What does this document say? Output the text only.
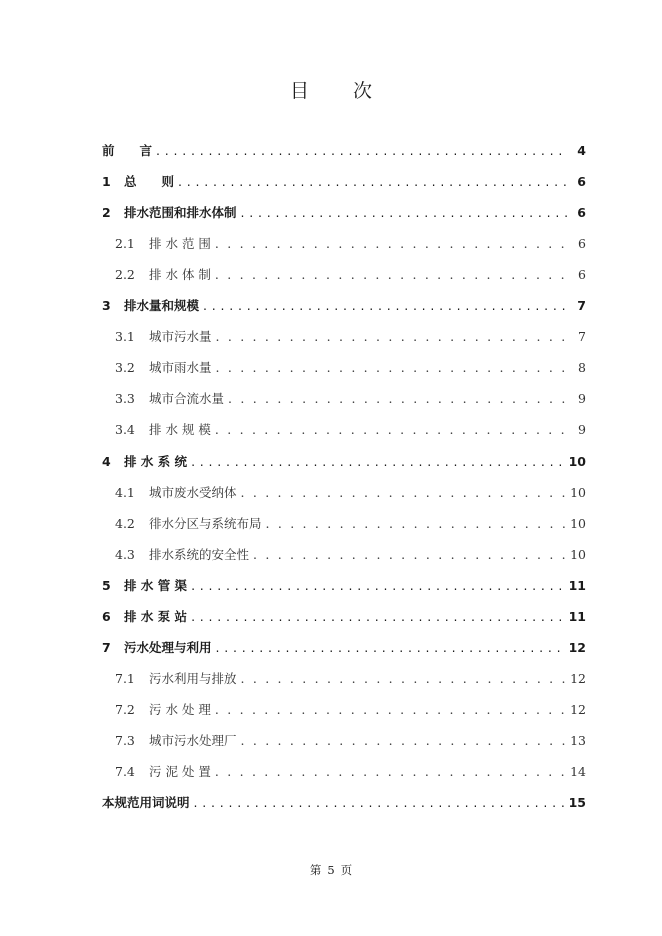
目 次
前　　言 . . .	4
1	总　　则 . . .	6
2	排水范围和排水体制 . . .	6
2.1	排 水 范 围 . . .	6
2.2	排 水 体 制 . . .	6
3	排水量和规模 . . .	7
3.1	城市污水量 . . .	7
3.2	城市雨水量 . . .	8
3.3	城市合流水量 . . .	9
3.4	排 水 规 模 . . .	9
4	排 水 系 统 . . .	10
4.1	城市废水受纳体 . . .	10
4.2	徘水分区与系统布局 . . .	10
4.3	排水系统的安全性 . . .	10
5	排 水 管 渠 . . .	11
6	排 水 泵 站 . . .	11
7	污水处理与利用 . . .	12
7.1	污水利用与排放 . . .	12
7.2	污 水 处 理 . . .	12
7.3	城市污水处理厂 . . .	13
7.4	污 泥 处 置 . . .	14
本规范用词说明 . . .	15
第 5 页
